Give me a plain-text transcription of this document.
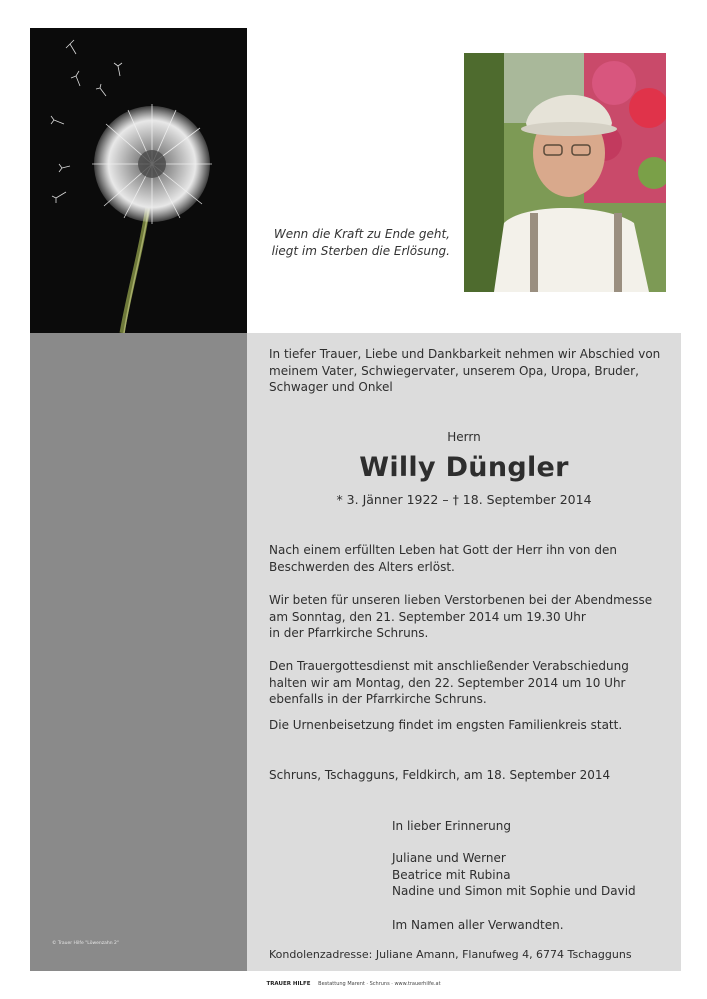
Wenn die Kraft zu Ende geht,
liegt im Sterben die Erlösung.
© Trauer Hilfe "Löwenzahn 2"
In tiefer Trauer, Liebe und Dankbarkeit nehmen wir Abschied von
meinem Vater, Schwiegervater, unserem Opa, Uropa, Bruder,
Schwager und Onkel
Herrn
Willy Düngler
* 3. Jänner 1922 – † 18. September 2014
Nach einem erfüllten Leben hat Gott der Herr ihn von den
Beschwerden des Alters erlöst.
Wir beten für unseren lieben Verstorbenen bei der Abendmesse
am Sonntag, den 21. September 2014 um 19.30 Uhr
in der Pfarrkirche Schruns.
Den Trauergottesdienst mit anschließender Verabschiedung
halten wir am Montag, den 22. September 2014 um 10 Uhr
ebenfalls in der Pfarrkirche Schruns.
Die Urnenbeisetzung findet im engsten Familienkreis statt.
Schruns, Tschagguns, Feldkirch, am 18. September 2014
In lieber Erinnerung
Juliane und Werner
Beatrice mit Rubina
Nadine und Simon mit Sophie und David
Im Namen aller Verwandten.
Kondolenzadresse: Juliane Amann, Flanufweg 4, 6774 Tschagguns
TRAUER HILFE Bestattung Marent · Schruns · www.trauerhilfe.at
